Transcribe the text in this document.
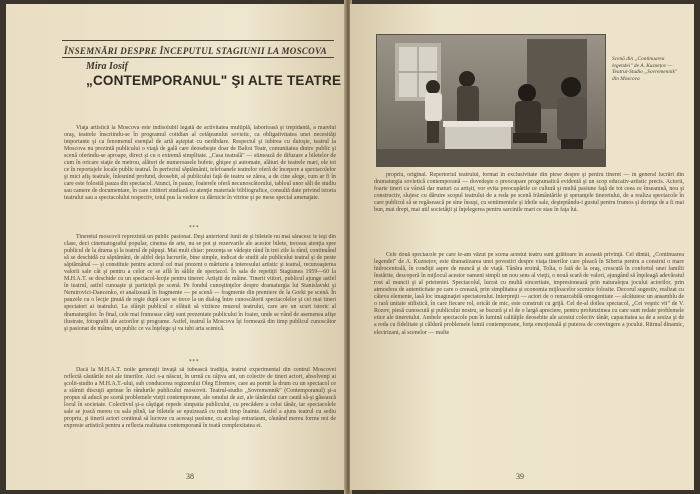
ÎNSEMNĂRI DESPRE ÎNCEPUTUL STAGIUNII LA MOSCOVA
Mira Iosif
„CONTEMPORANUL" ŞI ALTE TEATRE
Viaţa artistică la Moscova este indisolubil legată de activitatea multiplă, laborioasă şi trepidantă, a marelui oraş, teatrele înscriindu-se în programul cotidian al cetăţeanului sovietic, ca obligativitatea unei necesităţi importante şi ca fenomenul esenţial de artă aşteptat cu nerăbdare. Respectul şi iubirea cu duioşie, teatrul la Moscova nu prezintă publicului o viaţă de gală care deosebeşte doar de Baltoi Teatr, comunitatea dintre public şi scenă oferindu-se aproape, direct şi cu o extremă simplitate. „Casa teatrală" — stimează de difuzare a biletelor de cum în oricare staţie de metrou, alături de numeroasele bufete, ghişee şi automate, alături de teatrele mari, ele tot ce în reportajele locale public teatral. În perfectul săptămânii, telefoanele teatrelor oferă de începere a spectacolelor şi mici afiş teatrale, înlesnind profund, deosebit, al publicului faţă de teatru se zărea, a de cine alege, cum ar fi în care este folosită pauza din spectacol. Atunci, în pauze, foaierele oferă necunoscătorului, tabloul unor săli de studiu sau camere de documentare, în care citittori studiază cu atenţie materiale bibliografice, consultă date privind istoria teatrului sau a spectacolului respectiv, totul pus la vedere cu dărnicie în vitrine şi pe mese special amenajate.
***
Tineretul moscovit reprezintă un public pasionat. Deşi anteriorul lunii de şi biletele nu mai săracesc te ieşi din clase, deci cinematograful popular, cinema de arte, nu se pot şi rezervarile ale acestor bilete, treceau atenţia spre publicul de la drama şi la teatrul de păpuşi. Mai mult chiar: prezenţa se vădeşte rând în trei zile la rând, continuând să se deschidă cu săptămâni, de altfel deja lucrurile, bine simple, indicat de studii ale publicului teatral şi de peste săptămânal — şi constituie pentru actorul cel mai prezent o mărturie a interesului artistic şi teatral, recunoaşterea valorii sale cât şi pentru a celor ce se află în sălile de spectacol. În sala de repetiţii Stagiunea 1959—60 la M.H.A.T. se deschide cu un spectacol-lecţie pentru tineret: Artiştii de mâine. Tinerii viitori, publicul ajunge astfel în teatrul, astfel cunoaşte şi participă pe scenă. Pe fondul cunoştinţelor despre dramaturgia lui Stanislavski şi Nemirovici-Dancenko, ei analizează în fragmente — pe scenă — fragmente din premiere de la Gorki pe scenă. În pauzele cu o lecţie ţinută de regie după care se trece la un dialog între cunoscătorii spectacolelor şi cei mai tineri spectatori ai teatrului. La sfârşit publicul e sfătuit să viziteze muzeul teatrului, care are un scurt istoric al dramaturgilor. În final, cele mai frumoase cărţi sunt prezentate publicului în foaier, unde se vând de asemenea afişe ilustrate, fotografii ale actorilor şi programe. Astfel, teatrul la Moscova îşi formează din timp publicul cunoscător şi pasionat de mâine, un public ce va înţelege şi va iubi arta scenică.
***
Dacă la M.H.A.T. noile generaţii învaţă să iubească tradiţia, teatrul experimental din centrul Moscovei reflectă căutările noi ale tinerilor. Aici s-a născut, în urmă cu câţiva ani, un colectiv de tineri actori, absolvenţi ai şcolii-studio a M.H.A.T.-ului, sub conducerea regizorului Oleg Efremov, care au pornit la drum cu un spectacol ce a stârnit discuţii aprinse în rândurile publicului moscovit. Teatrul-studio „Sovremennik" (Contemporanul) şi-a propus să aducă pe scenă problemele vieţii contemporane, ale omului de azi, ale tânărului care caută să-şi găsească locul în societate. Colectivul şi-a câştigat repede simpatia publicului, cu precădere a celui tânăr, iar spectacolele sale se joacă mereu cu sala plină, iar biletele se epuizează cu mult timp înainte. Astfel a ajuns teatrul cu sediu propriu, şi tinerii actori continuă să lucreze cu aceeaşi pasiune, cu acelaşi entuziasm, căutând mereu forme noi de expresie artistică pentru a reflecta realitatea contemporană în toată complexitatea ei.
38
Scenă din „Continuarea legendei" de A. Kuznețov — Teatrul-Studio „Sovremennik" din Moscova
propriu, original. Repertoriul teatrului, format în exclusivitate din piese despre şi pentru tineret — în general lucrări din dramaturgia sovietică contemporană — dovedeşte o preocupare programatică evidentă şi un scop educativ-artistic precis. Actorii, foarte tineri ca vârstă dar maturi ca artişti, vor evita preocupările ce cultură şi multă pasiune faţă de tot ceea ce înseamnă, nou şi constructiv, slujesc cu dăruire scopul teatrului de a reda pe scenă frământările şi speranţele tineretului, de a realiza spectacole în care publicul să se regăsească pe sine însuşi, cu sentimentele şi ideile sale, deşteptându-i gustul pentru frumos şi dorinţa de a fi mai bun, mai drept, mai util societăţii şi înţelegerea pentru sarcinile mari ce stau în faţa lui.
Cele două spectacole pe care le-am văzut pe scena acestui teatru sunt grăitoare în această privinţă. Cel dintâi, „Continuarea legendei" de A. Kuznețov, este dramatizarea unei povestiri despre viaţa tinerilor care pleacă în Siberia pentru a construi o mare hidrocentrală, în condiţii aspre de muncă şi de viaţă. Tânăra eroină, Tolia, o fată de la oraş, crescută în confortul unei familii înstărite, descoperă în mijlocul acestor oameni simpli un nou sens al vieţii, o nouă scară de valori, ajungând să înţeleagă adevăratul rost al muncii şi al prieteniei. Spectacolul, lucrat cu multă sinceritate, impresionează prin naturaleţea jocului actorilor, prin atmosfera de autenticitate pe care o creează, prin simplitatea şi economia mijloacelor scenice folosite. Decorul sugestiv, realizat cu câteva elemente, lasă loc imaginaţiei spectatorului. Interpreţii — actori de o remarcabilă omogenitate — alcătuiesc un ansamblu de o rară unitate stilistică, în care fiecare rol, oricât de mic, este construit cu grijă. Cel de-al doilea spectacol, „Cei veşnic vii" de V. Rozov, piesă cunoscută şi publicului nostru, se bucură şi el de o largă apreciere, pentru profunzimea cu care sunt redate problemele etice ale tineretului. Ambele spectacole pun în lumină calităţile deosebite ale acestui colectiv tânăr, capacitatea sa de a sesiza şi de a reda cu fidelitate şi căldură problemele lumii contemporane, forţa emoţională şi puterea de convingere a jocului. Ritmul dinamic, electrizant, al scenelor — multe
39
